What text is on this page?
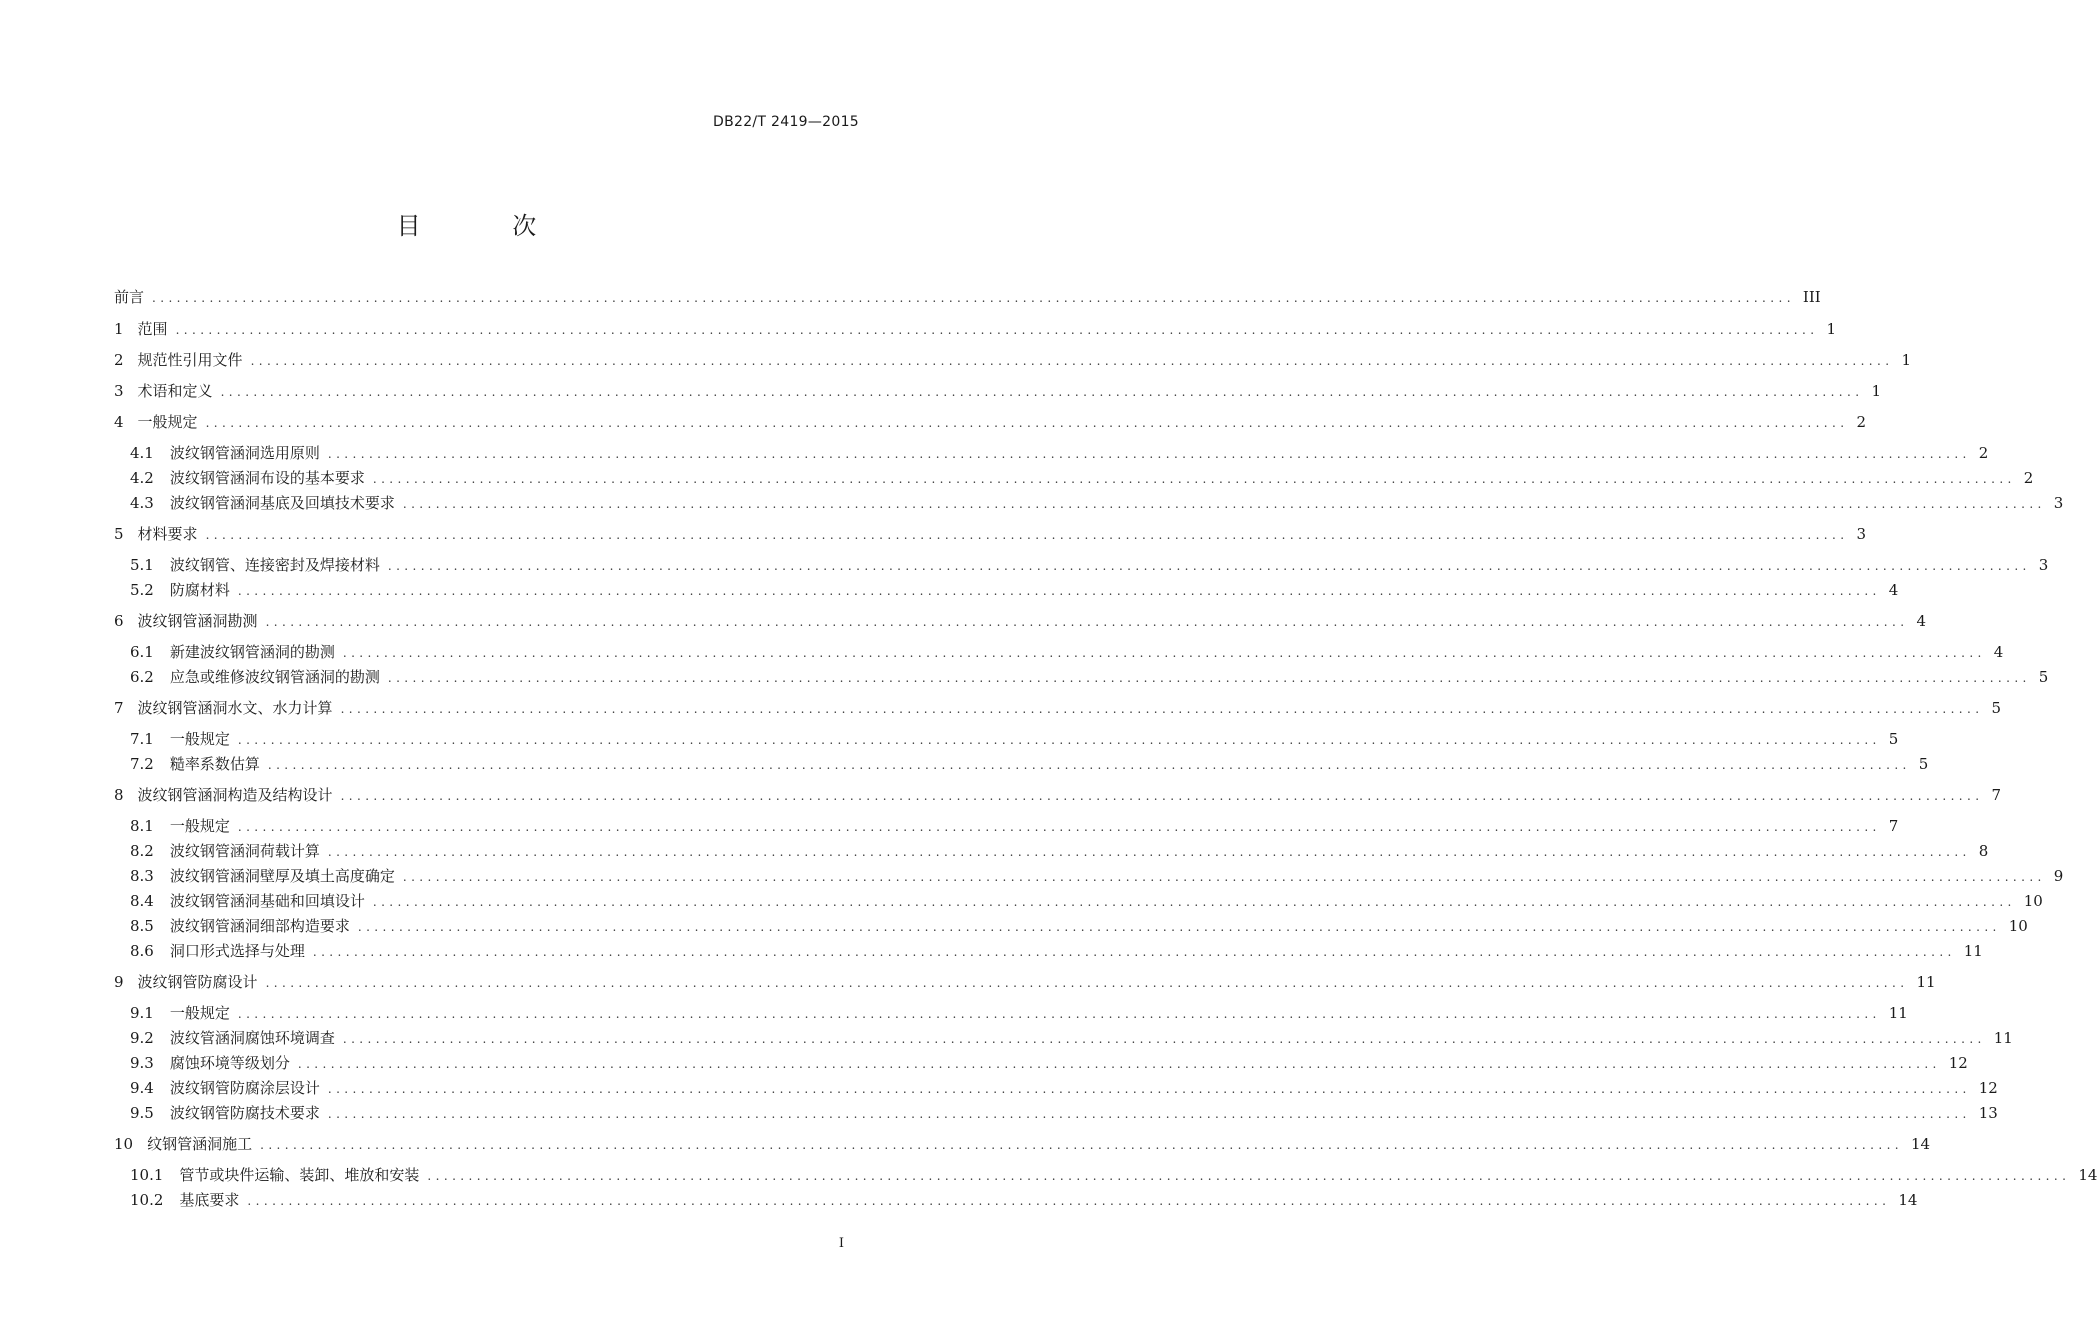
DB22/T 2419—2015
目 次
前言 ........................................................................................................................................................................................................ III
1 范围 ........................................................................................................................................................................................................ 1
2 规范性引用文件 ........................................................................................................................................................................................................ 1
3 术语和定义 ........................................................................................................................................................................................................ 1
4 一般规定 ........................................................................................................................................................................................................ 2
4.1 波纹钢管涵洞选用原则 ........................................................................................................................................................................................................ 2
4.2 波纹钢管涵洞布设的基本要求 ........................................................................................................................................................................................................ 2
4.3 波纹钢管涵洞基底及回填技术要求 ........................................................................................................................................................................................................ 3
5 材料要求 ........................................................................................................................................................................................................ 3
5.1 波纹钢管、连接密封及焊接材料 ........................................................................................................................................................................................................ 3
5.2 防腐材料 ........................................................................................................................................................................................................ 4
6 波纹钢管涵洞勘测 ........................................................................................................................................................................................................ 4
6.1 新建波纹钢管涵洞的勘测 ........................................................................................................................................................................................................ 4
6.2 应急或维修波纹钢管涵洞的勘测 ........................................................................................................................................................................................................ 5
7 波纹钢管涵洞水文、水力计算 ........................................................................................................................................................................................................ 5
7.1 一般规定 ........................................................................................................................................................................................................ 5
7.2 糙率系数估算 ........................................................................................................................................................................................................ 5
8 波纹钢管涵洞构造及结构设计 ........................................................................................................................................................................................................ 7
8.1 一般规定 ........................................................................................................................................................................................................ 7
8.2 波纹钢管涵洞荷载计算 ........................................................................................................................................................................................................ 8
8.3 波纹钢管涵洞壁厚及填土高度确定 ........................................................................................................................................................................................................ 9
8.4 波纹钢管涵洞基础和回填设计 ........................................................................................................................................................................................................ 10
8.5 波纹钢管涵洞细部构造要求 ........................................................................................................................................................................................................ 10
8.6 洞口形式选择与处理 ........................................................................................................................................................................................................ 11
9 波纹钢管防腐设计 ........................................................................................................................................................................................................ 11
9.1 一般规定 ........................................................................................................................................................................................................ 11
9.2 波纹管涵洞腐蚀环境调查 ........................................................................................................................................................................................................ 11
9.3 腐蚀环境等级划分 ........................................................................................................................................................................................................ 12
9.4 波纹钢管防腐涂层设计 ........................................................................................................................................................................................................ 12
9.5 波纹钢管防腐技术要求 ........................................................................................................................................................................................................ 13
10 纹钢管涵洞施工 ........................................................................................................................................................................................................ 14
10.1 管节或块件运输、装卸、堆放和安装 ........................................................................................................................................................................................................ 14
10.2 基底要求 ........................................................................................................................................................................................................ 14
I
